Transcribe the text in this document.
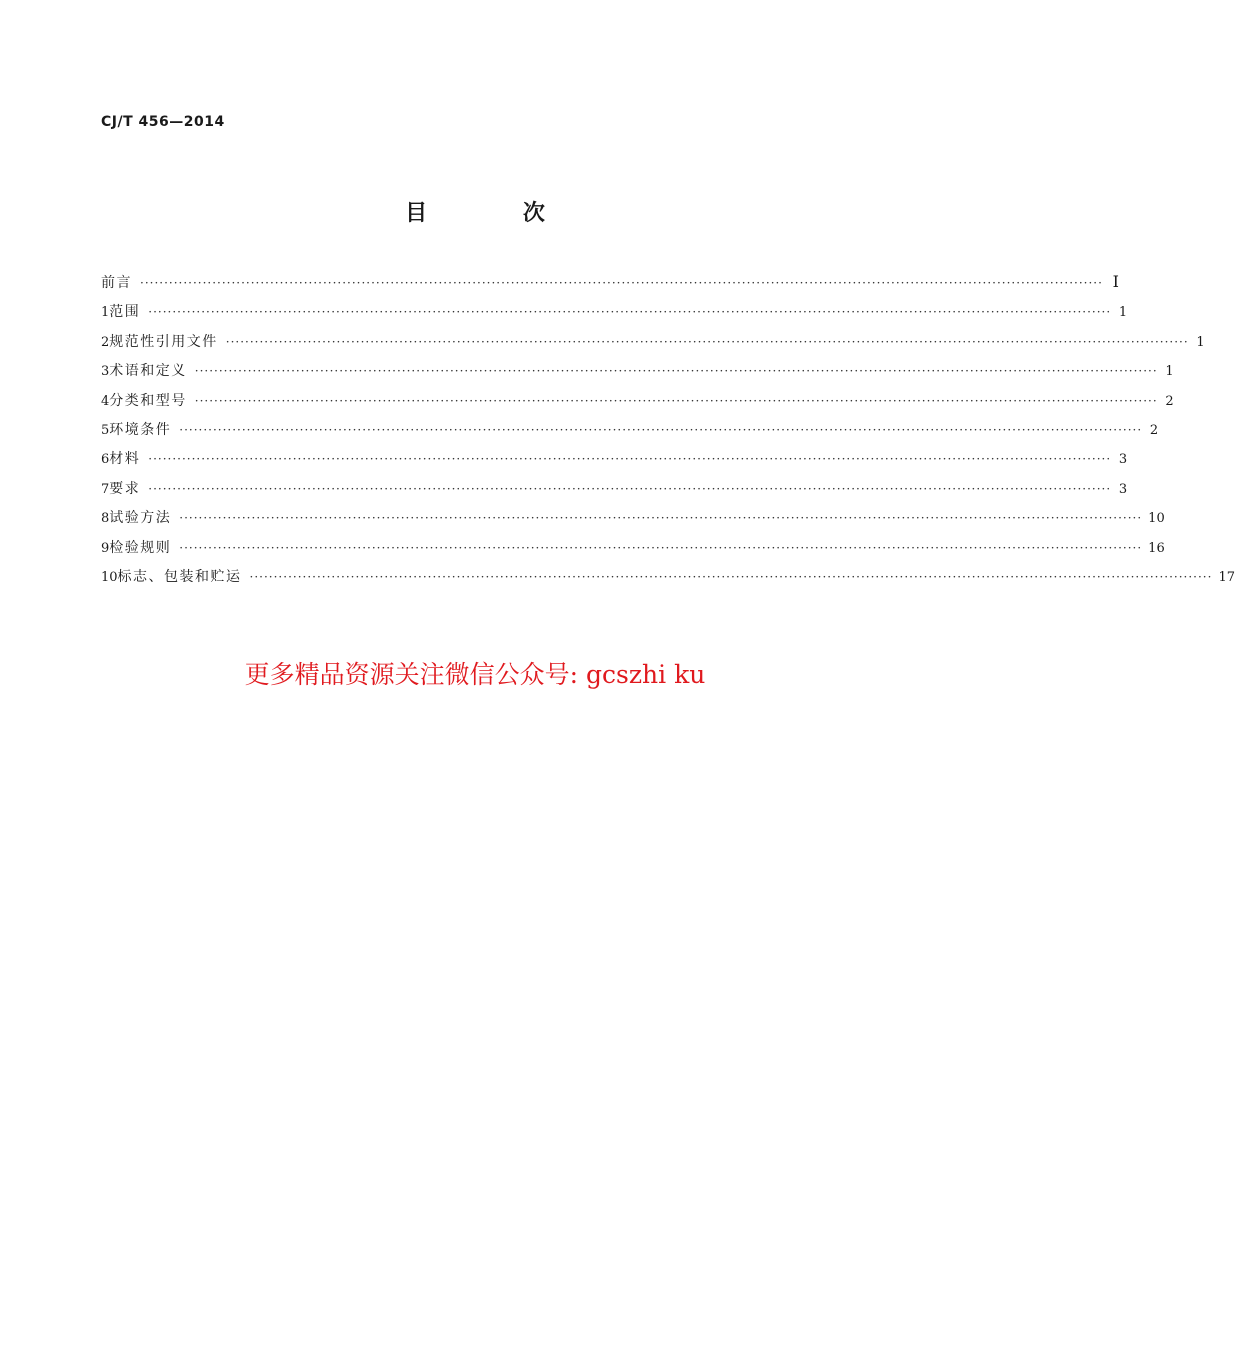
CJ/T 456—2014
目 次
前言 ········································································································································································································ I
1 范围 ········································································································································································································ 1
2 规范性引用文件 ········································································································································································································ 1
3 术语和定义 ········································································································································································································ 1
4 分类和型号 ········································································································································································································ 2
5 环境条件 ········································································································································································································ 2
6 材料 ········································································································································································································ 3
7 要求 ········································································································································································································ 3
8 试验方法 ········································································································································································································ 10
9 检验规则 ········································································································································································································ 16
10 标志、包装和贮运 ········································································································································································································ 17
更多精品资源关注微信公众号: gcszhi ku
